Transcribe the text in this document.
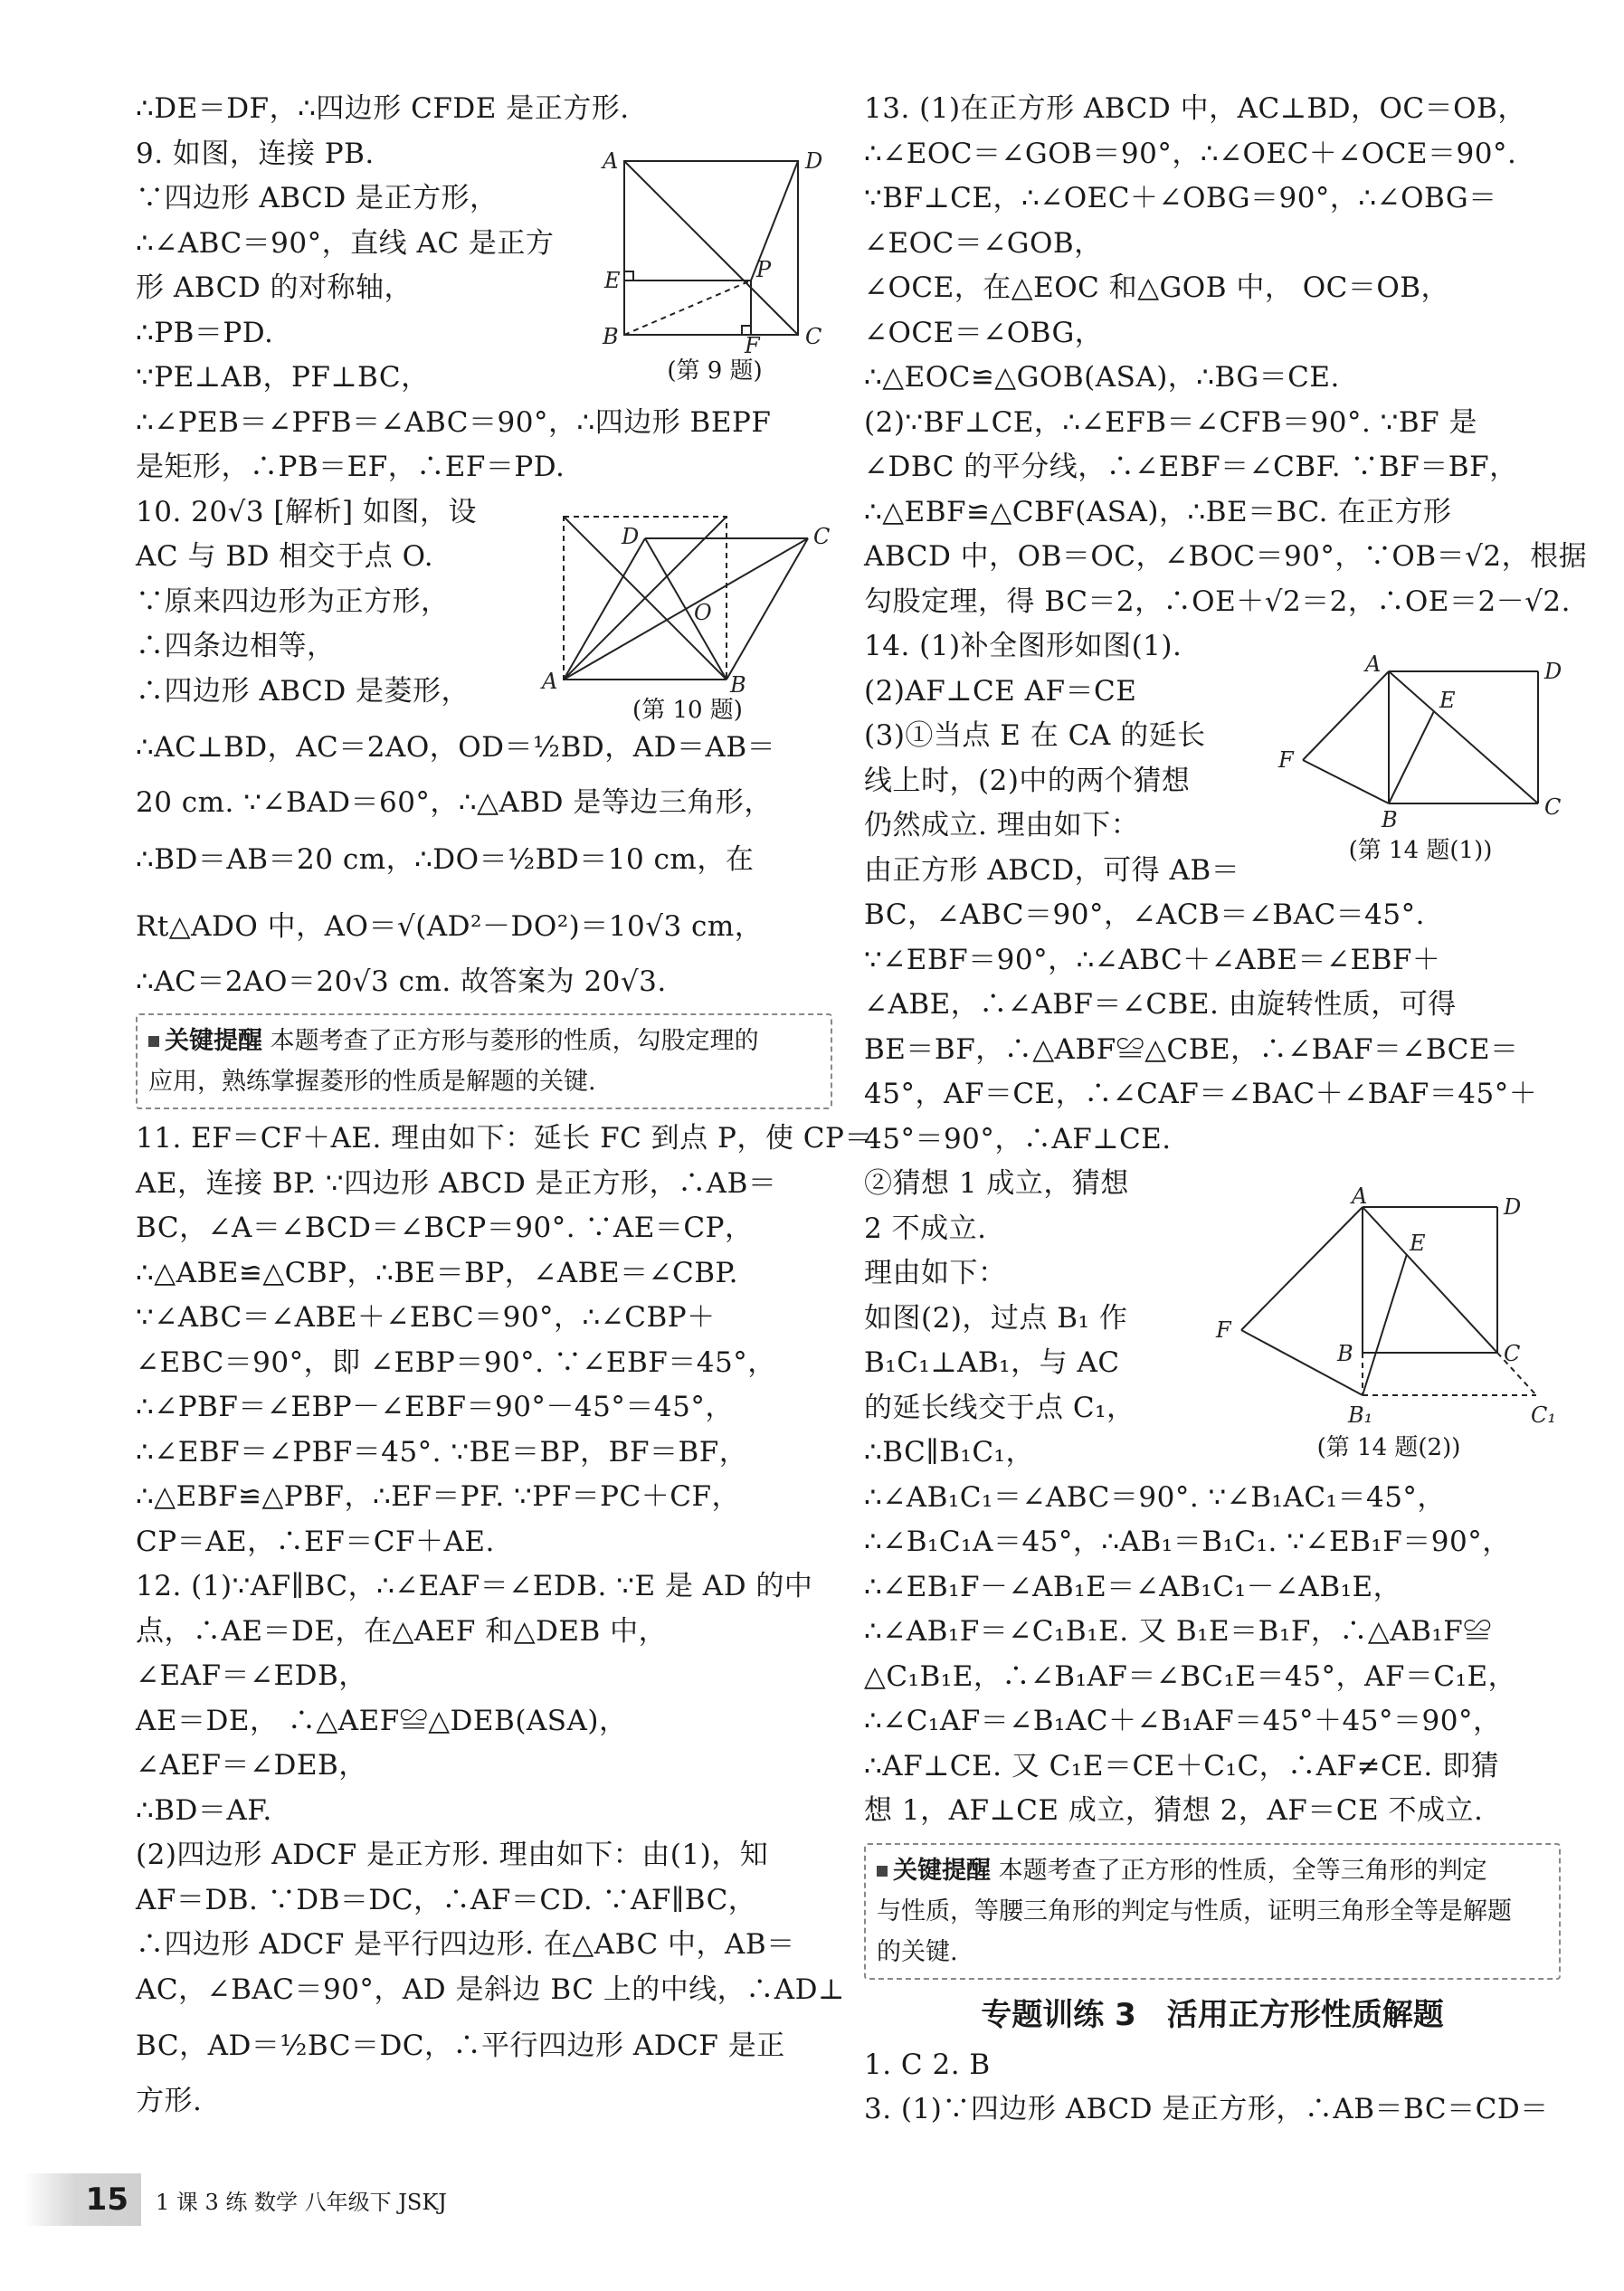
∴DE＝DF，∴四边形 CFDE 是正方形.
9. 如图，连接 PB.
∵四边形 ABCD 是正方形，
∴∠ABC＝90°，直线 AC 是正方
形 ABCD 的对称轴，
∴PB＝PD.
∵PE⊥AB，PF⊥BC，
∴∠PEB＝∠PFB＝∠ABC＝90°，∴四边形 BEPF
是矩形，∴PB＝EF，∴EF＝PD.
10. 20√3 [解析] 如图，设
AC 与 BD 相交于点 O.
∵原来四边形为正方形，
∴四条边相等，
∴四边形 ABCD 是菱形，
∴AC⊥BD，AC＝2AO，OD＝½BD，AD＝AB＝
20 cm. ∵∠BAD＝60°，∴△ABD 是等边三角形，
∴BD＝AB＝20 cm，∴DO＝½BD＝10 cm，在
Rt△ADO 中，AO＝√(AD²－DO²)＝10√3 cm，
∴AC＝2AO＝20√3 cm. 故答案为 20√3.
关键提醒 本题考查了正方形与菱形的性质，勾股定理的
应用，熟练掌握菱形的性质是解题的关键.
11. EF＝CF＋AE. 理由如下：延长 FC 到点 P，使 CP＝
AE，连接 BP. ∵四边形 ABCD 是正方形，∴AB＝
BC，∠A＝∠BCD＝∠BCP＝90°. ∵AE＝CP，
∴△ABE≌△CBP，∴BE＝BP，∠ABE＝∠CBP.
∵∠ABC＝∠ABE＋∠EBC＝90°，∴∠CBP＋
∠EBC＝90°，即 ∠EBP＝90°. ∵∠EBF＝45°，
∴∠PBF＝∠EBP－∠EBF＝90°－45°＝45°，
∴∠EBF＝∠PBF＝45°. ∵BE＝BP，BF＝BF，
∴△EBF≌△PBF，∴EF＝PF. ∵PF＝PC＋CF，
CP＝AE，∴EF＝CF＋AE.
12. (1)∵AF∥BC，∴∠EAF＝∠EDB. ∵E 是 AD 的中
点，∴AE＝DE，在△AEF 和△DEB 中，
∠EAF＝∠EDB，
AE＝DE， ∴△AEF≌△DEB(ASA)，
∠AEF＝∠DEB，
∴BD＝AF.
(2)四边形 ADCF 是正方形. 理由如下：由(1)，知
AF＝DB. ∵DB＝DC，∴AF＝CD. ∵AF∥BC，
∴四边形 ADCF 是平行四边形. 在△ABC 中，AB＝
AC，∠BAC＝90°，AD 是斜边 BC 上的中线，∴AD⊥
BC，AD＝½BC＝DC，∴平行四边形 ADCF 是正
方形.
13. (1)在正方形 ABCD 中，AC⊥BD，OC＝OB，
∴∠EOC＝∠GOB＝90°，∴∠OEC＋∠OCE＝90°.
∵BF⊥CE，∴∠OEC＋∠OBG＝90°，∴∠OBG＝
∠EOC＝∠GOB，
∠OCE，在△EOC 和△GOB 中， OC＝OB，
∠OCE＝∠OBG，
∴△EOC≌△GOB(ASA)，∴BG＝CE.
(2)∵BF⊥CE，∴∠EFB＝∠CFB＝90°. ∵BF 是
∠DBC 的平分线，∴∠EBF＝∠CBF. ∵BF＝BF，
∴△EBF≌△CBF(ASA)，∴BE＝BC. 在正方形
ABCD 中，OB＝OC，∠BOC＝90°，∵OB＝√2，根据
勾股定理，得 BC＝2，∴OE＋√2＝2，∴OE＝2－√2.
14. (1)补全图形如图(1).
(2)AF⊥CE AF＝CE
(3)①当点 E 在 CA 的延长
线上时，(2)中的两个猜想
仍然成立. 理由如下：
由正方形 ABCD，可得 AB＝
BC，∠ABC＝90°，∠ACB＝∠BAC＝45°.
∵∠EBF＝90°，∴∠ABC＋∠ABE＝∠EBF＋
∠ABE，∴∠ABF＝∠CBE. 由旋转性质，可得
BE＝BF，∴△ABF≌△CBE，∴∠BAF＝∠BCE＝
45°，AF＝CE，∴∠CAF＝∠BAC＋∠BAF＝45°＋
45°＝90°，∴AF⊥CE.
②猜想 1 成立，猜想
2 不成立.
理由如下：
如图(2)，过点 B₁ 作
B₁C₁⊥AB₁，与 AC
的延长线交于点 C₁，
∴BC∥B₁C₁，
∴∠AB₁C₁＝∠ABC＝90°. ∵∠B₁AC₁＝45°，
∴∠B₁C₁A＝45°，∴AB₁＝B₁C₁. ∵∠EB₁F＝90°，
∴∠EB₁F－∠AB₁E＝∠AB₁C₁－∠AB₁E，
∴∠AB₁F＝∠C₁B₁E. 又 B₁E＝B₁F，∴△AB₁F≌
△C₁B₁E，∴∠B₁AF＝∠BC₁E＝45°，AF＝C₁E，
∴∠C₁AF＝∠B₁AC＋∠B₁AF＝45°＋45°＝90°，
∴AF⊥CE. 又 C₁E＝CE＋C₁C，∴AF≠CE. 即猜
想 1，AF⊥CE 成立，猜想 2，AF＝CE 不成立.
关键提醒 本题考查了正方形的性质，全等三角形的判定
与性质，等腰三角形的判定与性质，证明三角形全等是解题
的关键.
专题训练 3　活用正方形性质解题
1. C 2. B
3. (1)∵四边形 ABCD 是正方形，∴AB＝BC＝CD＝
A	D
E	P
B	F C
(第 9 题)
D	C
O
A	B
(第 10 题)
A	D
E
F
B	C
(第 14 题(1))
A	D
E
F
B	C
B₁	C₁
(第 14 题(2))
15	1 课 3 练 数学 八年级下 JSKJ
